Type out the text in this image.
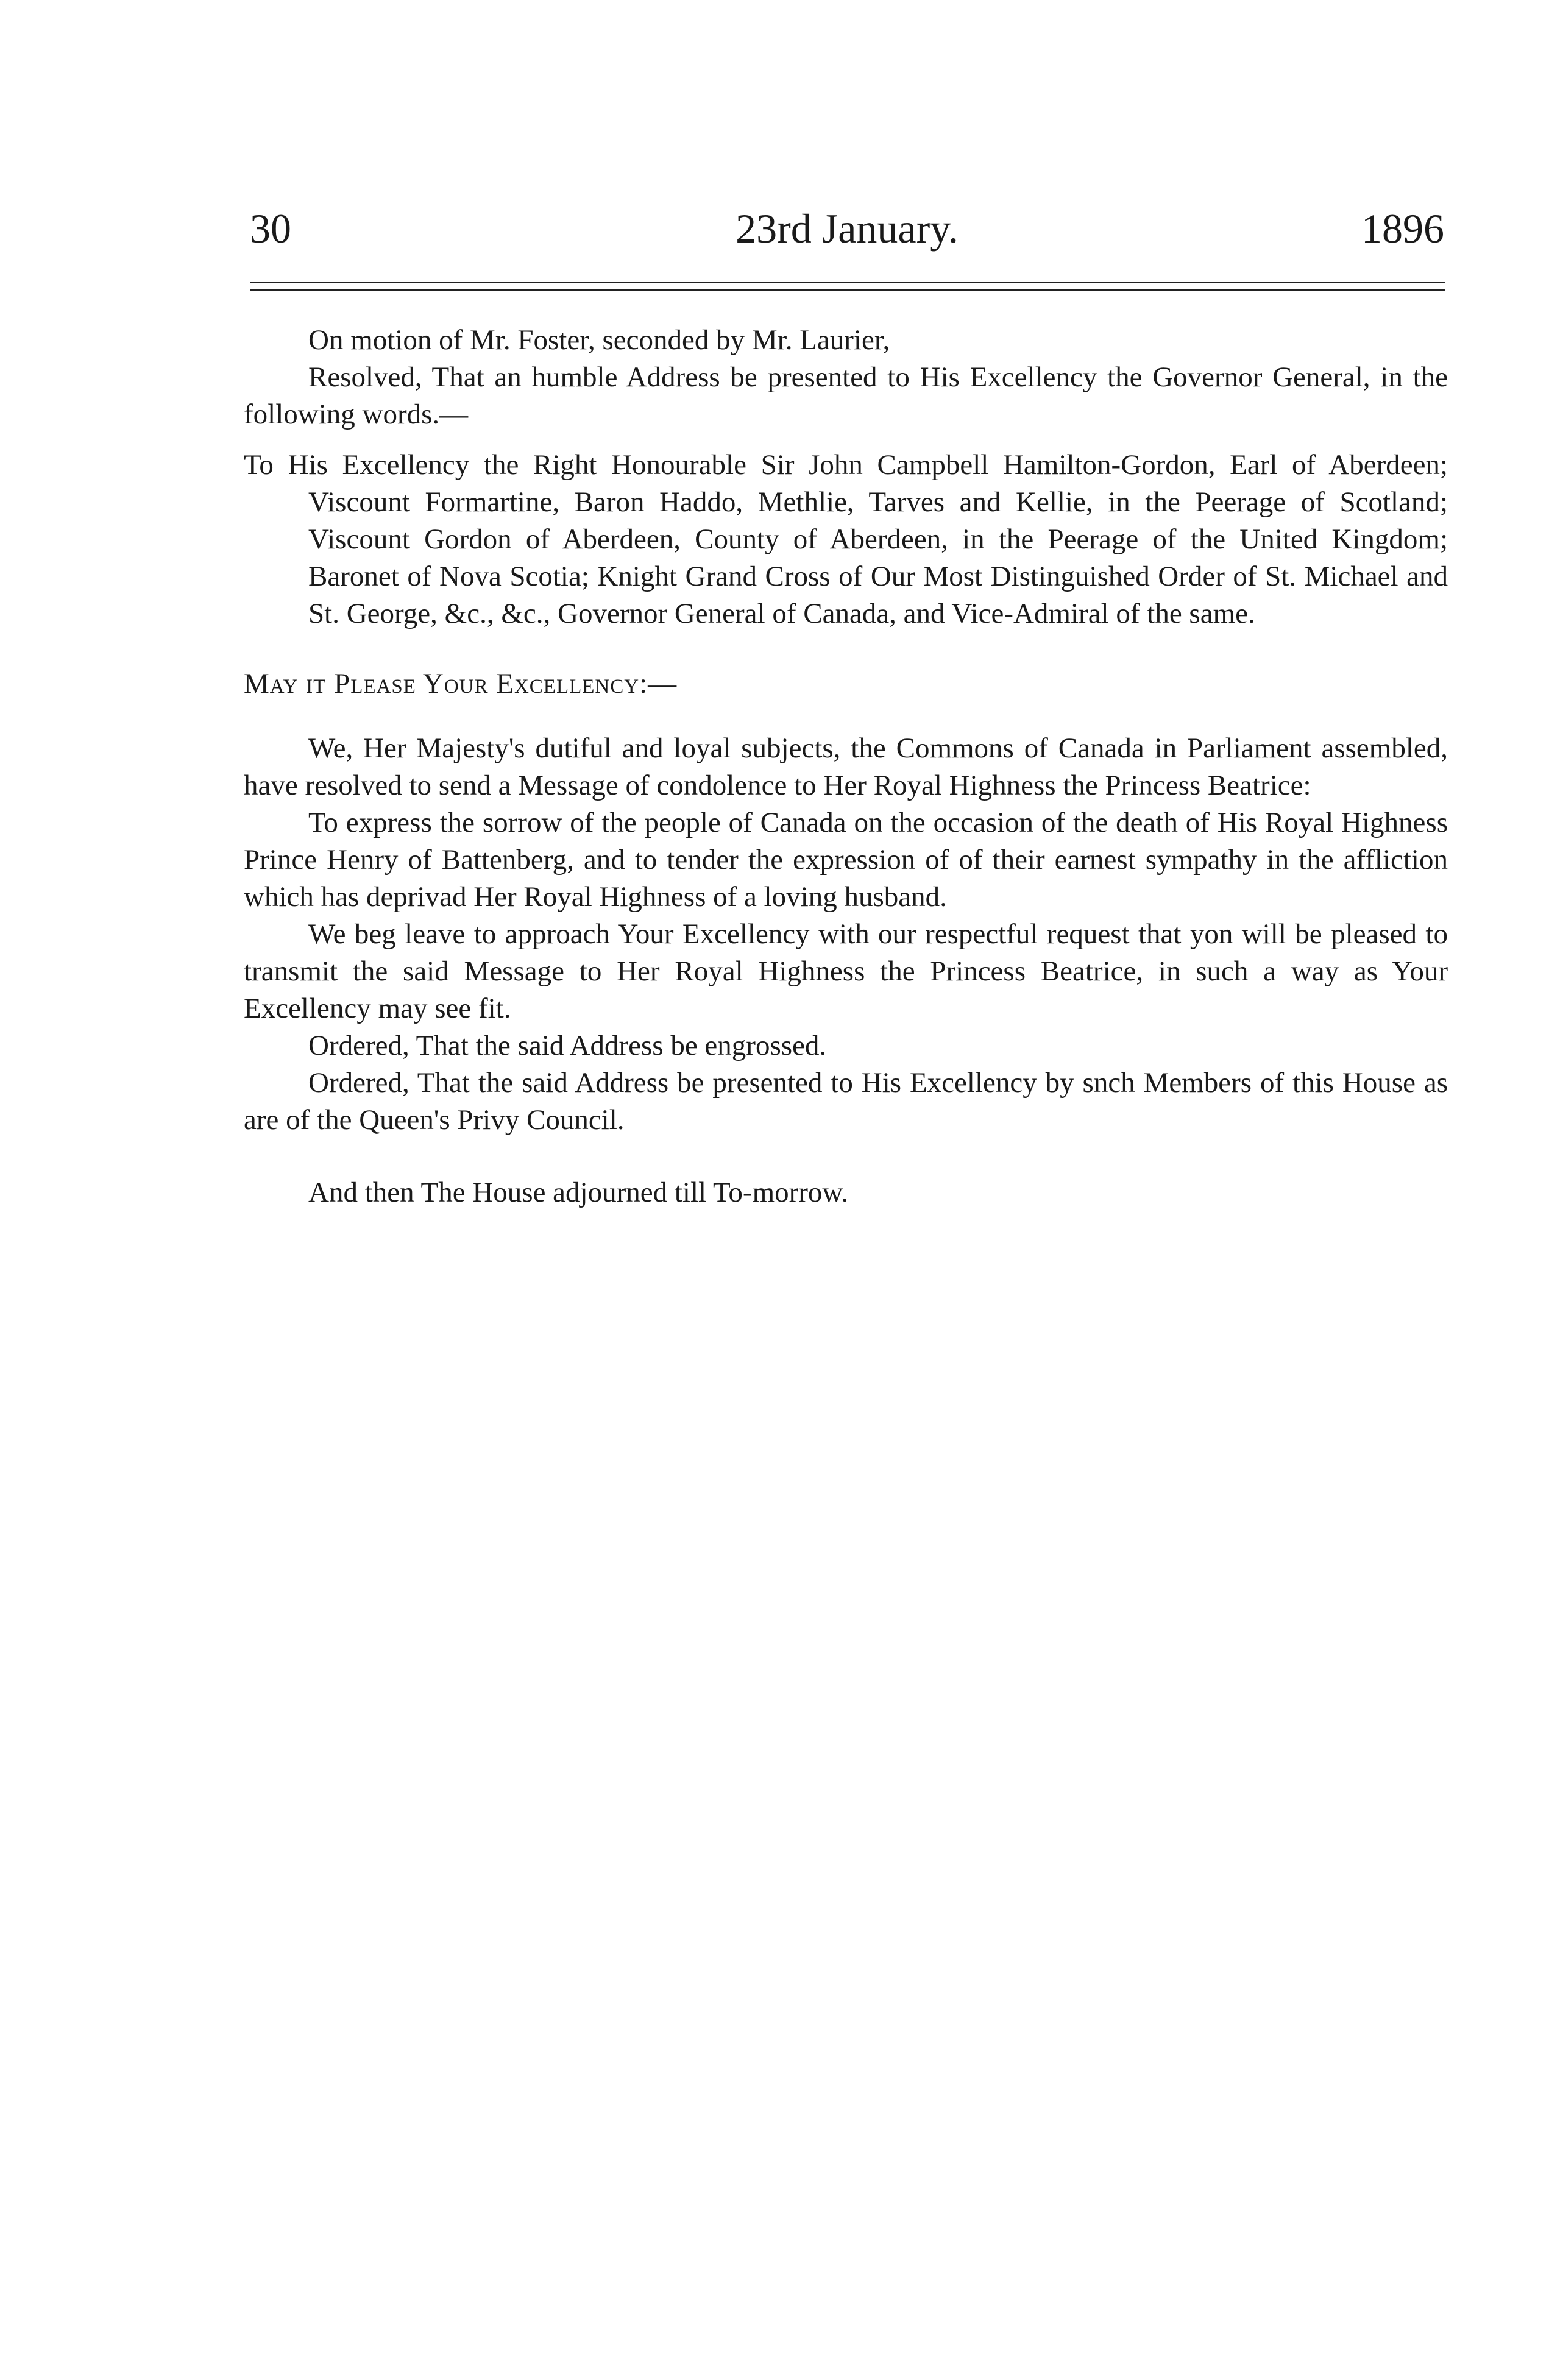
30	23rd January.	1896

On motion of Mr. Foster, seconded by Mr. Laurier,

Resolved, That an humble Address be presented to His Excellency the Governor General, in the following words.—

To His Excellency the Right Honourable Sir John Campbell Hamilton-Gordon, Earl of Aberdeen; Viscount Formartine, Baron Haddo, Methlie, Tarves and Kellie, in the Peerage of Scotland; Viscount Gordon of Aberdeen, County of Aberdeen, in the Peerage of the United Kingdom; Baronet of Nova Scotia; Knight Grand Cross of Our Most Distinguished Order of St. Michael and St. George, &c., &c., Governor General of Canada, and Vice-Admiral of the same.

May it Please Your Excellency:—

We, Her Majesty's dutiful and loyal subjects, the Commons of Canada in Parliament assembled, have resolved to send a Message of condolence to Her Royal Highness the Princess Beatrice:

To express the sorrow of the people of Canada on the occasion of the death of His Royal Highness Prince Henry of Battenberg, and to tender the expression of of their earnest sympathy in the affliction which has deprivad Her Royal Highness of a loving husband.

We beg leave to approach Your Excellency with our respectful request that yon will be pleased to transmit the said Message to Her Royal Highness the Princess Beatrice, in such a way as Your Excellency may see fit.

Ordered, That the said Address be engrossed.

Ordered, That the said Address be presented to His Excellency by snch Members of this House as are of the Queen's Privy Council.

And then The House adjourned till To-morrow.
